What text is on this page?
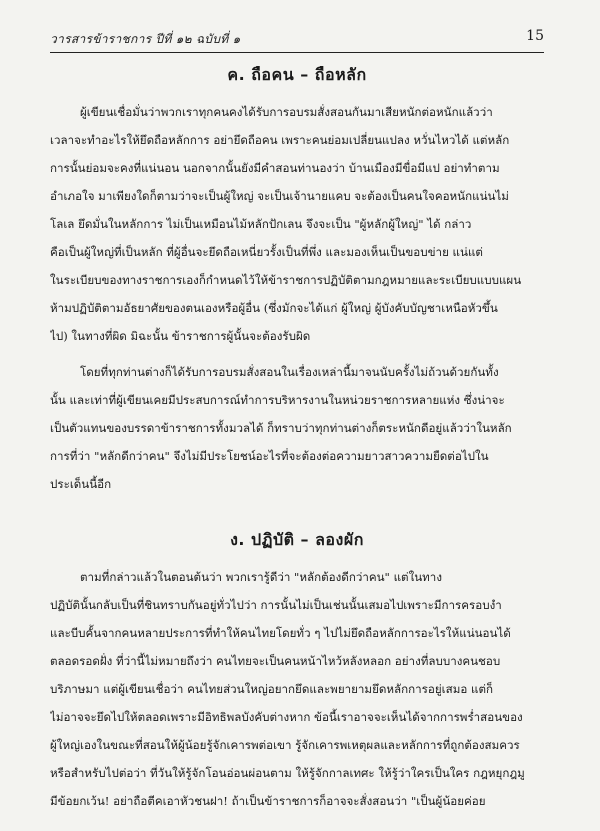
วารสารข้าราชการ ปีที่ ๑๒ ฉบับที่ ๑	15
ค. ถือคน – ถือหลัก

ผู้เขียนเชื่อมั่นว่าพวกเราทุกคนคงได้รับการอบรมสั่งสอนกันมาเสียหนักต่อหนักแล้วว่า
เวลาจะทำอะไรให้ยึดถือหลักการ อย่ายึดถือคน เพราะคนย่อมเปลี่ยนแปลง หวั่นไหวได้ แต่หลัก
การนั้นย่อมจะคงที่แน่นอน นอกจากนั้นยังมีคำสอนท่านองว่า บ้านเมืองมีขื่อมีแป อย่าทำตาม
อำเภอใจ มาเพียงใดก็ตามว่าจะเป็นผู้ใหญ่ จะเป็นเจ้านายแคบ จะต้องเป็นคนใจคอหนักแน่นไม่
โลเล ยึดมั่นในหลักการ ไม่เป็นเหมือนไม้หลักปักเลน จึงจะเป็น "ผู้หลักผู้ใหญ่" ได้ กล่าว
คือเป็นผู้ใหญ่ที่เป็นหลัก ที่ผู้อื่นจะยึดถือเหนี่ยวรั้งเป็นที่พึ่ง และมองเห็นเป็นขอบข่าย แน่แต่
ในระเบียบของทางราชการเองก็กำหนดไว้ให้ข้าราชการปฏิบัติตามกฎหมายและระเบียบแบบแผน
ห้ามปฏิบัติตามอัธยาศัยของตนเองหรือผู้อื่น (ซึ่งมักจะได้แก่ ผู้ใหญ่ ผู้บังคับบัญชาเหนือหัวขึ้น
ไป) ในทางที่ผิด มิฉะนั้น ข้าราชการผู้นั้นจะต้องรับผิด

โดยที่ทุกท่านต่างก็ได้รับการอบรมสั่งสอนในเรื่องเหล่านี้มาจนนับครั้งไม่ถ้วนด้วยกันทั้ง
นั้น และเท่าที่ผู้เขียนเคยมีประสบการณ์ทำการบริหารงานในหน่วยราชการหลายแห่ง ซึ่งน่าจะ
เป็นตัวแทนของบรรดาข้าราชการทั้งมวลได้ ก็ทราบว่าทุกท่านต่างก็ตระหนักดีอยู่แล้วว่าในหลัก
การที่ว่า "หลักดีกว่าคน" จึงไม่มีประโยชน์อะไรที่จะต้องต่อความยาวสาวความยืดต่อไปใน
ประเด็นนี้อีก

ง. ปฏิบัติ – ลองผัก

ตามที่กล่าวแล้วในตอนต้นว่า พวกเรารู้ดีว่า "หลักต้องดีกว่าคน" แต่ในทาง
ปฏิบัตินั้นกลับเป็นที่ชินทราบกันอยู่ทั่วไปว่า การนั้นไม่เป็นเช่นนั้นเสมอไปเพราะมีการครอบงำ
และบีบคั้นจากคนหลายประการที่ทำให้คนไทยโดยทั่ว ๆ ไปไม่ยึดถือหลักการอะไรให้แน่นอนได้
ตลอดรอดฝั่ง ที่ว่านี้ไม่หมายถึงว่า คนไทยจะเป็นคนหน้าไหว้หลังหลอก อย่างที่ลบบางคนชอบ
บริภาษมา แต่ผู้เขียนเชื่อว่า คนไทยส่วนใหญ่อยากยึดและพยายามยึดหลักการอยู่เสมอ แต่ก็
ไม่อาจจะยึดไปให้ตลอดเพราะมีอิทธิพลบังคับต่างหาก ข้อนี้เราอาจจะเห็นได้จากการพร่ำสอนของ
ผู้ใหญ่เองในขณะที่สอนให้ผู้น้อยรู้จักเคารพต่อเขา รู้จักเคารพเหตุผลและหลักการที่ถูกต้องสมควร
หรือสำหรับไปต่อว่า ที่วันให้รู้จักโอนอ่อนผ่อนตาม ให้รู้จักกาลเทศะ ให้รู้ว่าใครเป็นใคร กฎหยุกฎมู
มีข้อยกเว้น! อย่าถือตีคเอาหัวชนฝา! ถ้าเป็นข้าราชการก็อาจจะสั่งสอนว่า "เป็นผู้น้อยค่อย
